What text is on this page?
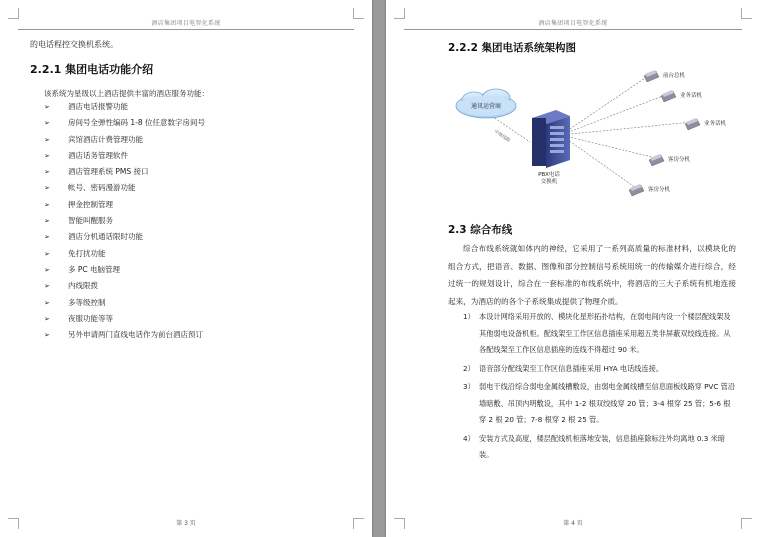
酒店集团项目电智化系统
的电话程控交换机系统。
2.2.1 集团电话功能介绍
该系统为星级以上酒店提供丰富的酒店服务功能：
➢ 酒店电话报警功能
➢ 房间号全弹性编码 1-8 位任意数字房间号
➢ 宾馆酒店计费管理功能
➢ 酒店话务管理软件
➢ 酒店管理系统 PMS 接口
➢ 帐号、密码漫游功能
➢ 押金控制管理
➢ 智能叫醒服务
➢ 酒店分机通话限时功能
➢ 免打扰功能
➢ 多 PC 电脑管理
➢ 内线限拨
➢ 多等级控制
➢ 夜服功能等等
➢ 另外申请两门直线电话作为前台酒店预订
第 3 页
酒店集团项目电智化系统
2.2.2 集团电话系统架构图
通讯运营商
中继线路
PBX电话
交换机
前台总机
业务话机
业务话机
客房分机
客房分机
2.3 综合布线

综合布线系统就如体内的神经，它采用了一系列高质量的标准材料，以模块化的组合方式，把语音、数据、图像和部分控制信号系统用统一的传输媒介进行综合，经过统一的规划设计，综合在一套标准的布线系统中，将酒店的三大子系统有机地连接起来，为酒店的的各个子系统集成提供了物理介质。

1） 本设计网络采用开放的、模块化星形拓扑结构，在弱电间内设一个楼层配线架及其他弱电设备机柜。配线架至工作区信息插座采用超五类非屏蔽双绞线连接。从各配线架至工作区信息插座的连线不得超过 90 米。
2） 语音部分配线架至工作区信息插座采用 HYA 电话线连接。
3） 弱电干线沿综合弱电金属线槽敷设，由弱电金属线槽至信息面板线路穿 PVC 管沿墙暗敷、吊顶内明敷设，其中 1-2 根双绞线穿 20 管；3-4 根穿 25 管；5-6 根穿 2 根 20 管；7-8 根穿 2 根 25 管。
4） 安装方式及高度，楼层配线机柜落地安装，信息插座除标注外均离地 0.3 米暗装。
第 4 页
